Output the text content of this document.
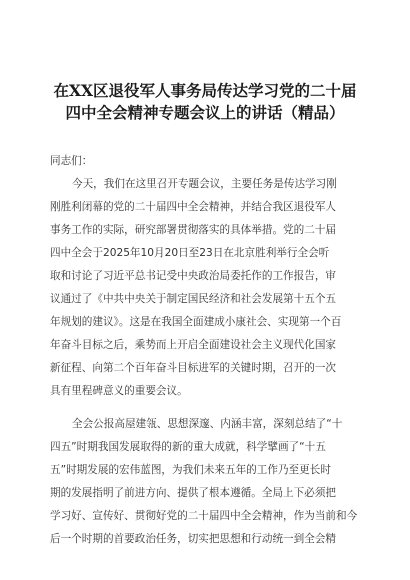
在XX区退役军人事务局传达学习党的二十届
四中全会精神专题会议上的讲话（精品）
同志们：
今天，我们在这里召开专题会议，主要任务是传达学习刚
刚胜利闭幕的党的二十届四中全会精神，并结合我区退役军人
事务工作的实际，研究部署贯彻落实的具体举措。党的二十届
四中全会于2025年10月20日至23日在北京胜利举行全会听
取和讨论了习近平总书记受中央政治局委托作的工作报告，审
议通过了《中共中央关于制定国民经济和社会发展第十五个五
年规划的建议》。这是在我国全面建成小康社会、实现第一个百
年奋斗目标之后，乘势而上开启全面建设社会主义现代化国家
新征程、向第二个百年奋斗目标进军的关键时期，召开的一次
具有里程碑意义的重要会议。
全会公报高屋建瓴、思想深邃、内涵丰富，深刻总结了“十
四五”时期我国发展取得的新的重大成就，科学擘画了“十五
五”时期发展的宏伟蓝图，为我们未来五年的工作乃至更长时
期的发展指明了前进方向、提供了根本遵循。全局上下必须把
学习好、宣传好、贯彻好党的二十届四中全会精神，作为当前和今
后一个时期的首要政治任务，切实把思想和行动统一到全会精
